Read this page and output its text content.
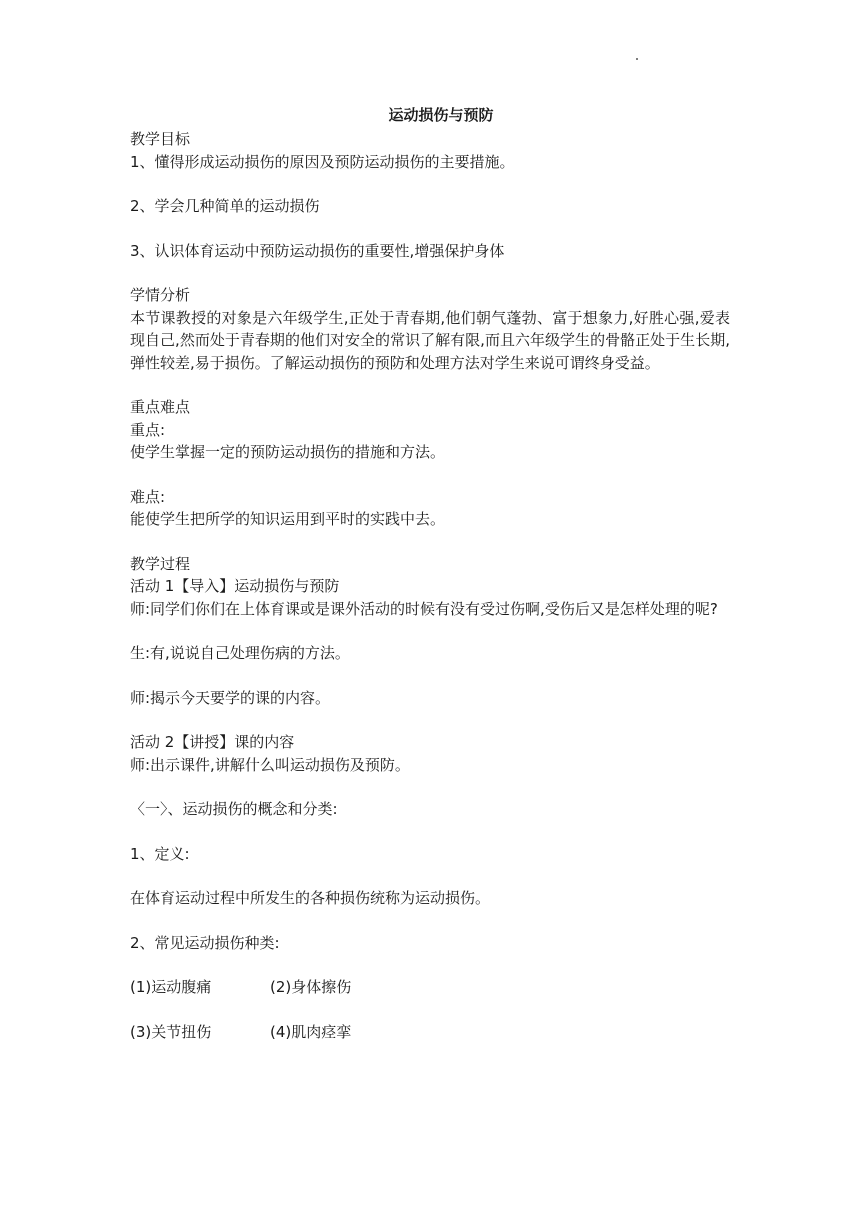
运动损伤与预防

教学目标

1、懂得形成运动损伤的原因及预防运动损伤的主要措施。

2、学会几种简单的运动损伤

3、认识体育运动中预防运动损伤的重要性,增强保护身体

学情分析

本节课教授的对象是六年级学生,正处于青春期,他们朝气蓬勃、富于想象力,好胜心强,爱表现自己,然而处于青春期的他们对安全的常识了解有限,而且六年级学生的骨骼正处于生长期,弹性较差,易于损伤。了解运动损伤的预防和处理方法对学生来说可谓终身受益。

重点难点

重点:

使学生掌握一定的预防运动损伤的措施和方法。

难点:

能使学生把所学的知识运用到平时的实践中去。

教学过程

活动 1【导入】运动损伤与预防

师:同学们你们在上体育课或是课外活动的时候有没有受过伤啊,受伤后又是怎样处理的呢?

生:有,说说自己处理伤病的方法。

师:揭示今天要学的课的内容。

活动 2【讲授】课的内容

师:出示课件,讲解什么叫运动损伤及预防。

〈一〉、运动损伤的概念和分类:

1、定义:

在体育运动过程中所发生的各种损伤统称为运动损伤。

2、常见运动损伤种类:

(1)运动腹痛	(2)身体擦伤
(3)关节扭伤	(4)肌肉痉挛
